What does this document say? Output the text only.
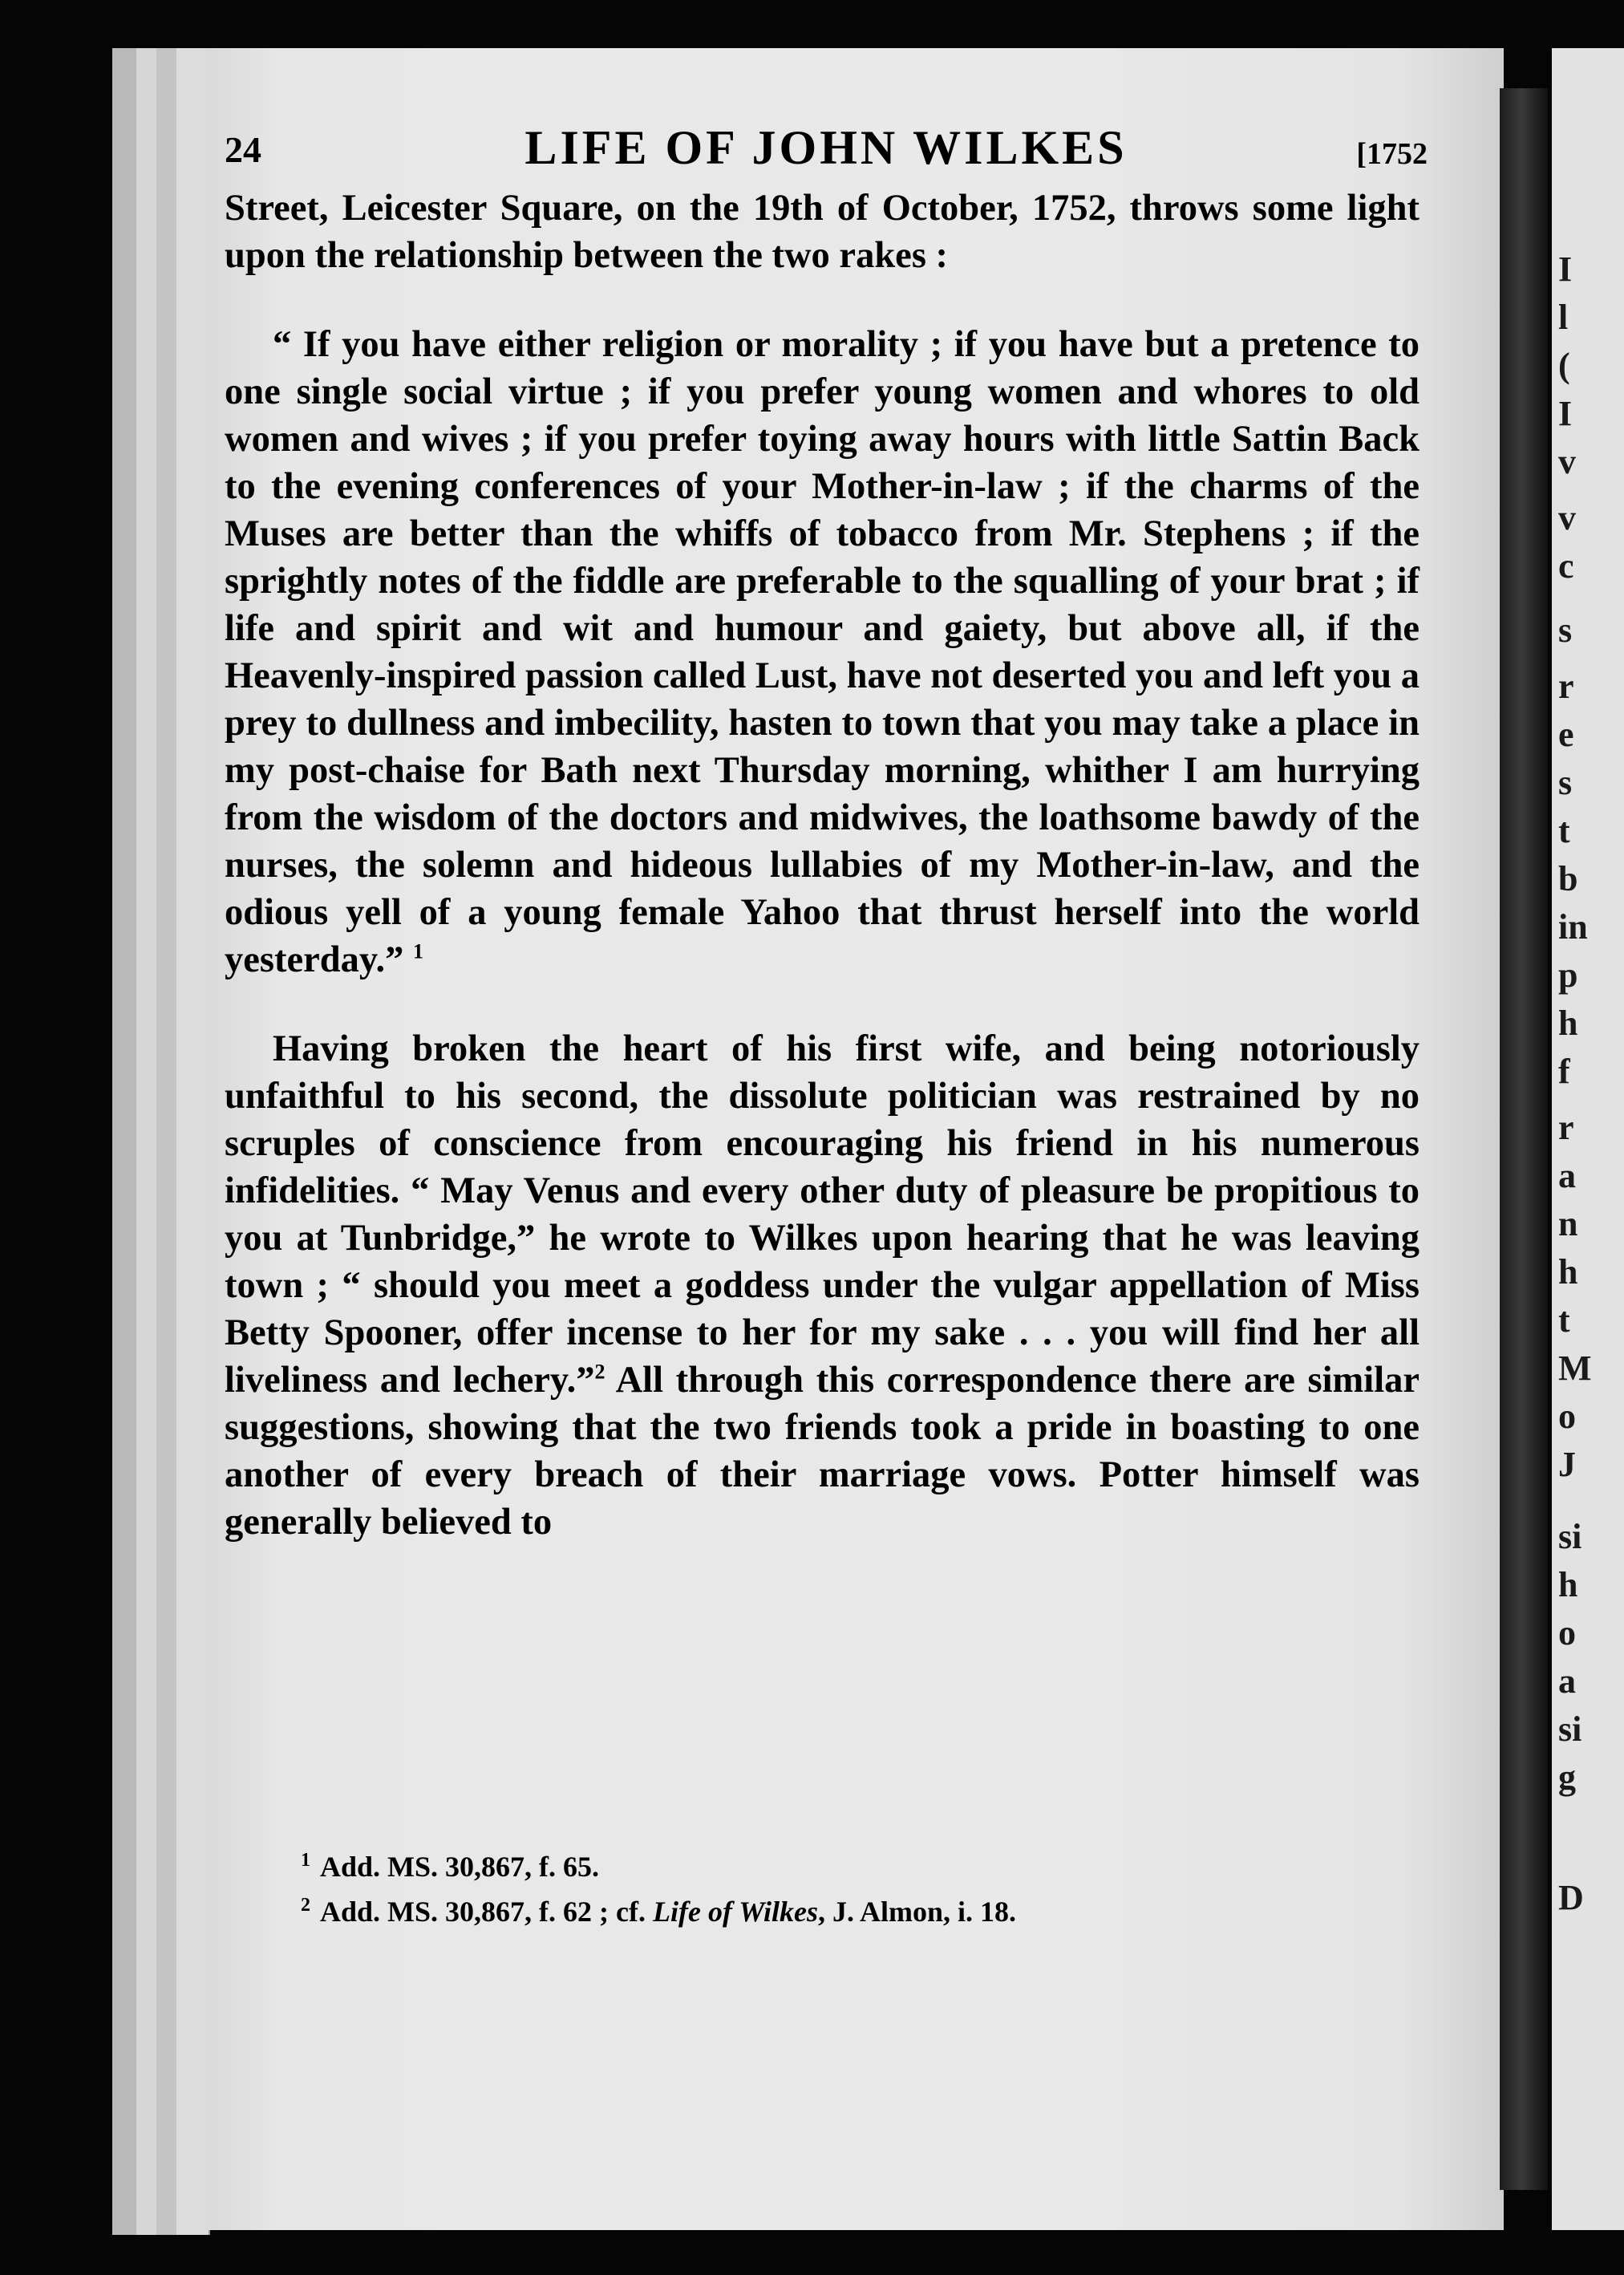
I
l
(
I
v
v
c
s
r
e
s
t
b
in
p
h
f
r
a
n
h
t
M
o
J
si
h
o
a
si
g
D
24	LIFE OF JOHN WILKES	[1752

Street, Leicester Square, on the 19th of October, 1752, throws some light upon the relationship between the two rakes :

“ If you have either religion or morality ; if you have but a pretence to one single social virtue ; if you prefer young women and whores to old women and wives ; if you prefer toying away hours with little Sattin Back to the evening conferences of your Mother-in-law ; if the charms of the Muses are better than the whiffs of tobacco from Mr. Stephens ; if the sprightly notes of the fiddle are preferable to the squalling of your brat ; if life and spirit and wit and humour and gaiety, but above all, if the Heavenly-inspired passion called Lust, have not deserted you and left you a prey to dullness and imbecility, hasten to town that you may take a place in my post-chaise for Bath next Thursday morning, whither I am hurrying from the wisdom of the doctors and midwives, the loathsome bawdy of the nurses, the solemn and hideous lullabies of my Mother-in-law, and the odious yell of a young female Yahoo that thrust herself into the world yesterday.” $^1$

Having broken the heart of his first wife, and being notoriously unfaithful to his second, the dissolute politician was restrained by no scruples of conscience from encouraging his friend in his numerous infidelities. “ May Venus and every other duty of pleasure be propitious to you at Tunbridge,” he wrote to Wilkes upon hearing that he was leaving town ; “ should you meet a goddess under the vulgar appellation of Miss Betty Spooner, offer incense to her for my sake . . . you will find her all liveliness and lechery.”$^2$ All through this correspondence there are similar suggestions, showing that the two friends took a pride in boasting to one another of every breach of their marriage vows. Potter himself was generally believed to

$^1$ Add. MS. 30,867, f. 65.
$^2$ Add. MS. 30,867, f. 62 ; cf. Life of Wilkes, J. Almon, i. 18.
